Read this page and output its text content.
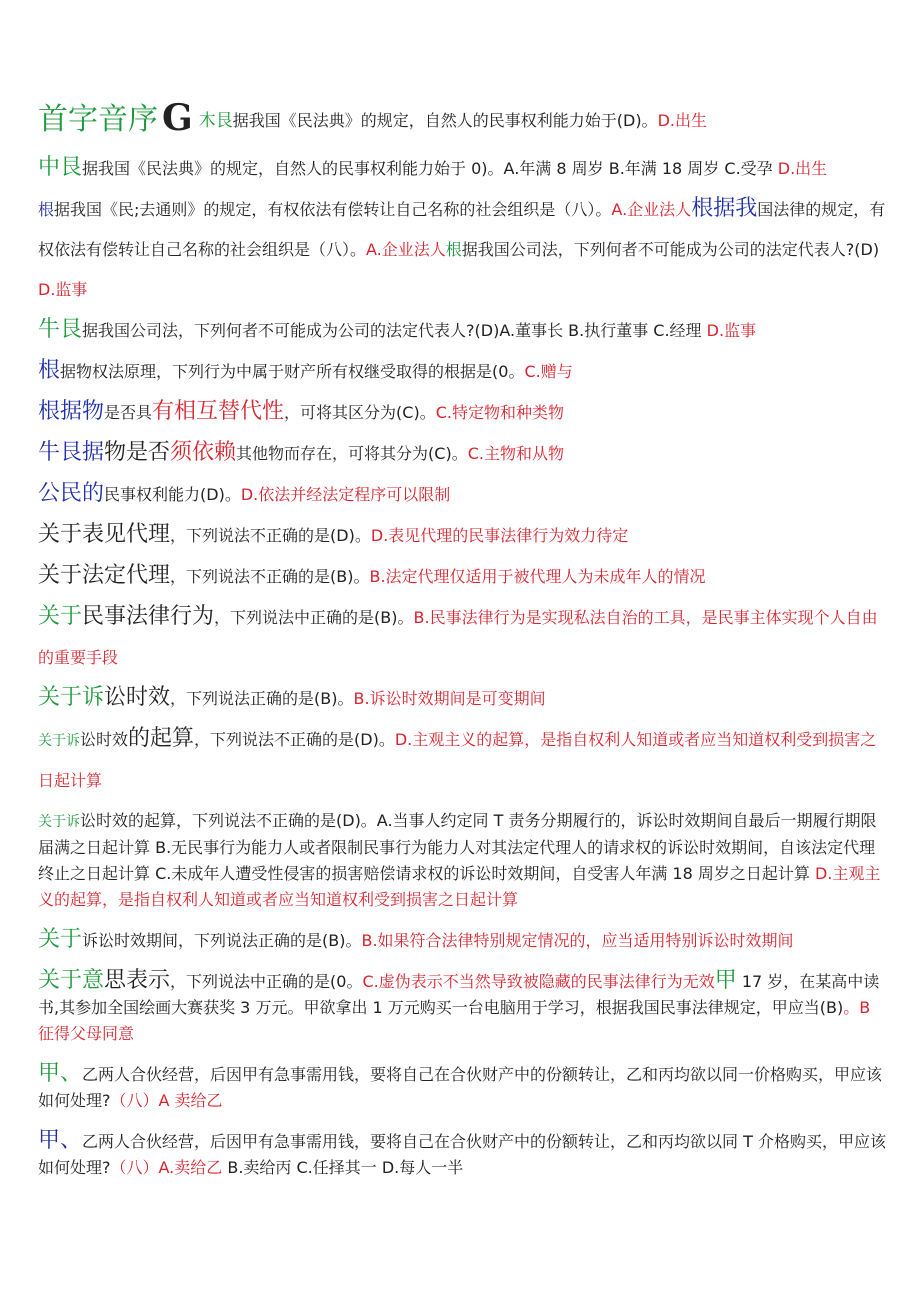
首字音序 G 木艮据我国《民法典》的规定，自然人的民事权利能力始于(D)。D.出生

中艮据我国《民法典》的规定，自然人的民事权利能力始于 0)。A.年满 8 周岁 B.年满 18 周岁 C.受孕 D.出生

根据我国《民;去通则》的规定，有权依法有偿转让自己名称的社会组织是（八）。A.企业法人根据我国法律的规定，有权依法有偿转让自己名称的社会组织是（八）。A.企业法人根据我国公司法，下列何者不可能成为公司的法定代表人?(D)D.监事

牛艮据我国公司法，下列何者不可能成为公司的法定代表人?(D)A.董事长 B.执行董事 C.经理 D.监事

根据物权法原理，下列行为中属于财产所有权继受取得的根据是(0。C.赠与

根据物是否具有相互替代性，可将其区分为(C)。C.特定物和种类物

牛艮据物是否须依赖其他物而存在，可将其分为(C)。C.主物和从物

公民的民事权利能力(D)。D.依法并经法定程序可以限制

关于表见代理，下列说法不正确的是(D)。D.表见代理的民事法律行为效力待定

关于法定代理，下列说法不正确的是(B)。B.法定代理仅适用于被代理人为未成年人的情况

关于民事法律行为，下列说法中正确的是(B)。B.民事法律行为是实现私法自治的工具，是民事主体实现个人自由的重要手段

关于诉讼时效，下列说法正确的是(B)。B.诉讼时效期间是可变期间

关于诉讼时效的起算，下列说法不正确的是(D)。D.主观主义的起算，是指自权利人知道或者应当知道权利受到损害之日起计算

关于诉讼时效的起算，下列说法不正确的是(D)。A.当事人约定同 T 责务分期履行的，诉讼时效期间自最后一期履行期限届满之日起计算 B.无民事行为能力人或者限制民事行为能力人对其法定代理人的请求权的诉讼时效期间，自该法定代理终止之日起计算 C.未成年人遭受性侵害的损害赔偿请求权的诉讼时效期间，自受害人年满 18 周岁之日起计算 D.主观主义的起算，是指自权利人知道或者应当知道权利受到损害之日起计算

关于诉讼时效期间，下列说法正确的是(B)。B.如果符合法律特别规定情况的，应当适用特别诉讼时效期间

关于意思表示，下列说法中正确的是(0。C.虚伪表示不当然导致被隐藏的民事法律行为无效甲 17 岁，在某高中读书,其参加全国绘画大赛获奖 3 万元。甲欲拿出 1 万元购买一台电脑用于学习，根据我国民事法律规定，甲应当(B)。B 征得父母同意

甲、乙两人合伙经营，后因甲有急事需用钱，要将自己在合伙财产中的份额转让，乙和丙均欲以同一价格购买，甲应该如何处理?（八）A 卖给乙

甲、乙两人合伙经营，后因甲有急事需用钱，要将自己在合伙财产中的份额转让，乙和丙均欲以同 T 介格购买，甲应该如何处理?（八）A.卖给乙 B.卖给丙 C.任择其一 D.每人一半
